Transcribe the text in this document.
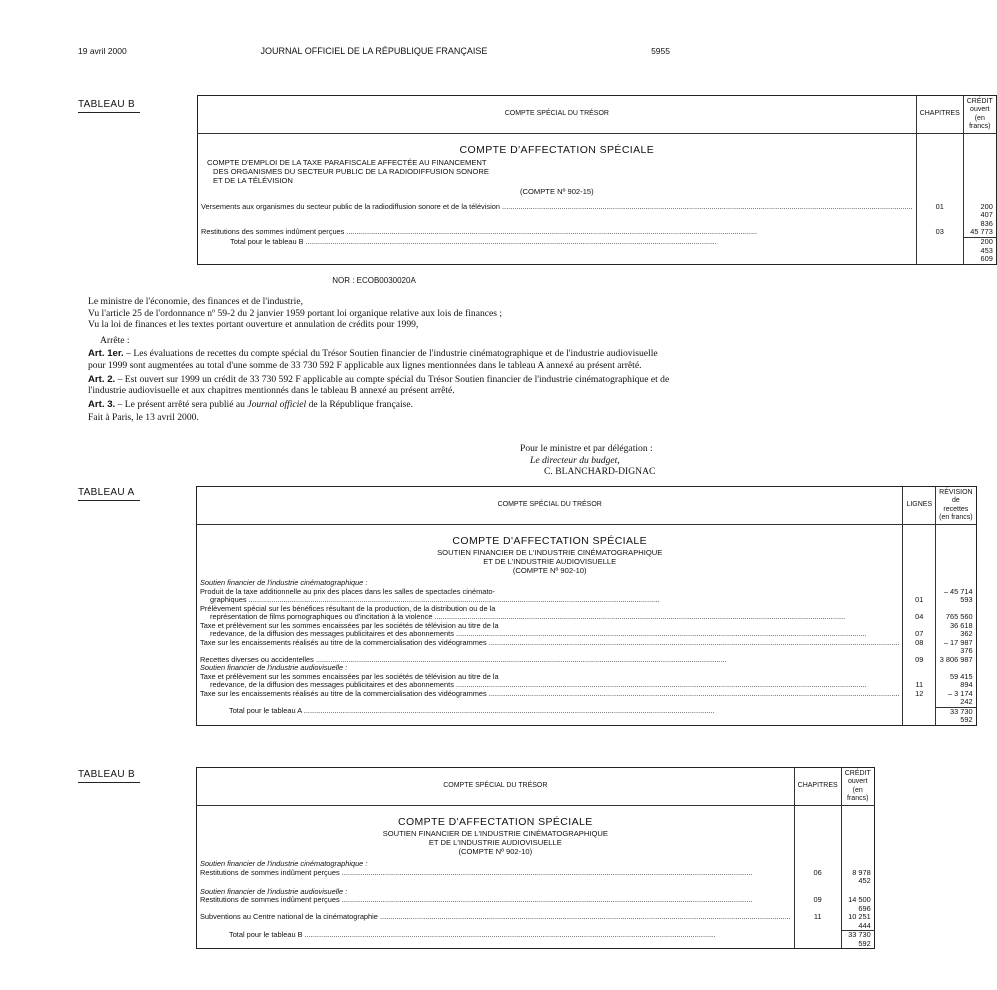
19 avril 2000	JOURNAL OFFICIEL DE LA RÉPUBLIQUE FRANÇAISE	5955
TABLEAU B
COMPTE SPÉCIAL DU TRÉSOR	CHAPITRES	CRÉDIT
ouvert
(en francs)

COMPTE D'AFFECTATION SPÉCIALE
COMPTE D'EMPLOI DE LA TAXE PARAFISCALE AFFECTÉE AU FINANCEMENT
DES ORGANISMES DU SECTEUR PUBLIC DE LA RADIODIFFUSION SONORE
ET DE LA TÉLÉVISION
(COMPTE Nº 902-15)		

Versements aux organismes du secteur public de la radiodiffusion sonore et de la télévision .....	01	200 407 836
Restitutions des sommes indûment perçues .....	03	45 773
Total pour le tableau B .....		200 453 609
NOR : ECOB0030020A

Le ministre de l'économie, des finances et de l'industrie,

Vu l'article 25 de l'ordonnance nº 59-2 du 2 janvier 1959 portant loi organique relative aux lois de finances ;

Vu la loi de finances et les textes portant ouverture et annulation de crédits pour 1999,

Arrête :

Art. 1er. – Les évaluations de recettes du compte spécial du Trésor Soutien financier de l'industrie cinématographique et de l'industrie audiovisuelle pour 1999 sont augmentées au total d'une somme de 33 730 592 F applicable aux lignes mentionnées dans le tableau A annexé au présent arrêté.

Art. 2. – Est ouvert sur 1999 un crédit de 33 730 592 F applicable au compte spécial du Trésor Soutien financier de l'industrie cinématographique et de l'industrie audiovisuelle et aux chapitres mentionnés dans le tableau B annexé au présent arrêté.

Art. 3. – Le présent arrêté sera publié au Journal officiel de la République française.

Fait à Paris, le 13 avril 2000.

Pour le ministre et par délégation :
Le directeur du budget,
C. BLANCHARD-DIGNAC
TABLEAU A
COMPTE SPÉCIAL DU TRÉSOR	LIGNES	RÉVISION
de recettes
(en francs)

COMPTE D'AFFECTATION SPÉCIALE
SOUTIEN FINANCIER DE L'INDUSTRIE CINÉMATOGRAPHIQUE
ET DE L'INDUSTRIE AUDIOVISUELLE
(COMPTE Nº 902-10)		

Soutien financier de l'industrie cinématographique :		

Produit de la taxe additionnelle au prix des places dans les salles de spectacles cinémato-
graphiques .....	01	– 45 714 593

Prélèvement spécial sur les bénéfices résultant de la production, de la distribution ou de la
représentation de films pornographiques ou d'incitation à la violence .....	04	765 560

Taxe et prélèvement sur les sommes encaissées par les sociétés de télévision au titre de la
redevance, de la diffusion des messages publicitaires et des abonnements .....	07	36 618 362
Taxe sur les encaissements réalisés au titre de la commercialisation des vidéogrammes .....	08	– 17 987 376
Recettes diverses ou accidentelles .....	09	3 806 987
Soutien financier de l'industrie audiovisuelle :		

Taxe et prélèvement sur les sommes encaissées par les sociétés de télévision au titre de la
redevance, de la diffusion des messages publicitaires et des abonnements .....	11	59 415 894
Taxe sur les encaissements réalisés au titre de la commercialisation des vidéogrammes .....	12	– 3 174 242
Total pour le tableau A .....		33 730 592
TABLEAU B
COMPTE SPÉCIAL DU TRÉSOR	CHAPITRES	CRÉDIT
ouvert
(en francs)

COMPTE D'AFFECTATION SPÉCIALE
SOUTIEN FINANCIER DE L'INDUSTRIE CINÉMATOGRAPHIQUE
ET DE L'INDUSTRIE AUDIOVISUELLE
(COMPTE Nº 902-10)		

Soutien financier de l'industrie cinématographique :		
Restitutions de sommes indûment perçues .....	06	8 978 452
Soutien financier de l'industrie audiovisuelle :		
Restitutions de sommes indûment perçues .....	09	14 500 696
Subventions au Centre national de la cinématographie .....	11	10 251 444
Total pour le tableau B .....		33 730 592
